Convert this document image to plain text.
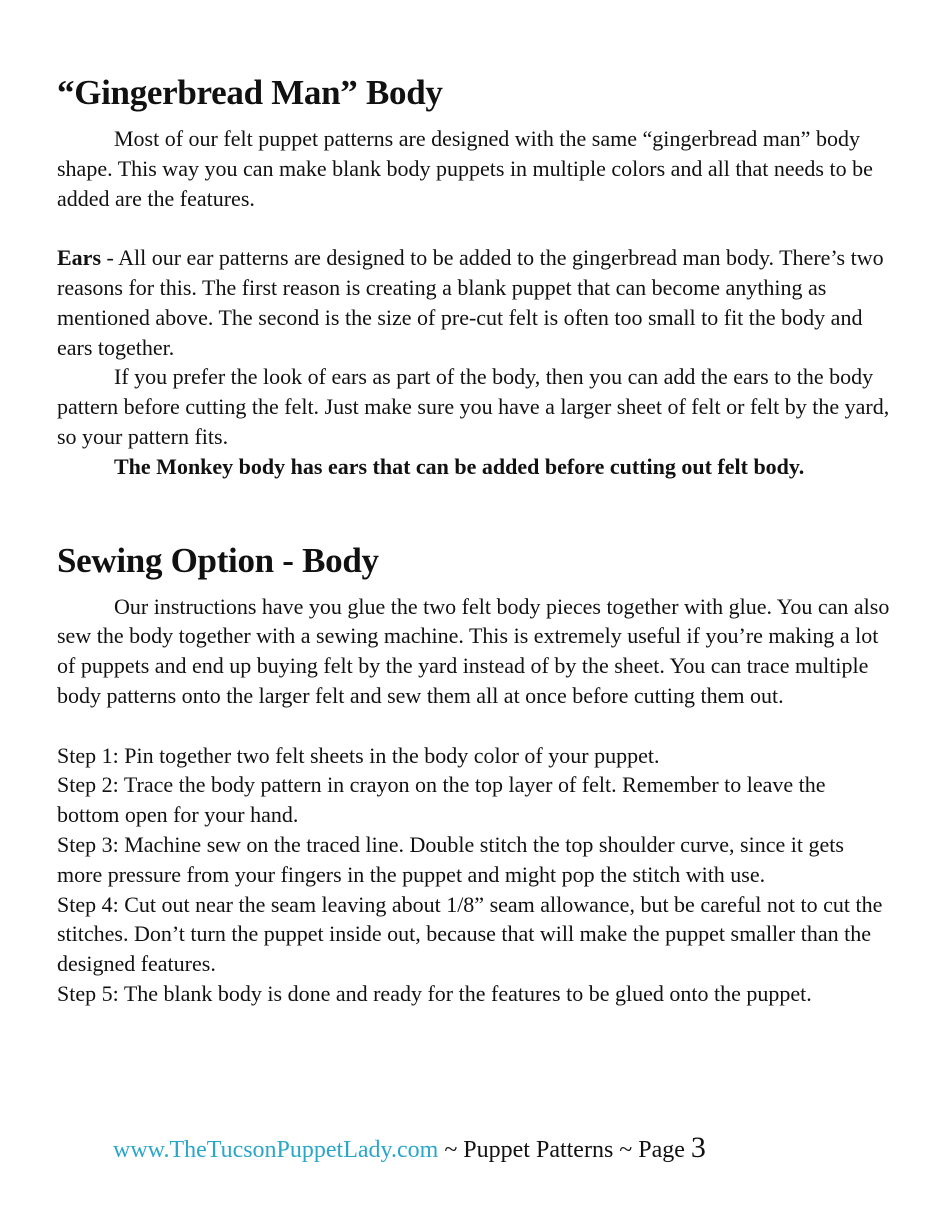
“Gingerbread Man” Body

Most of our felt puppet patterns are designed with the same “gingerbread man” body shape. This way you can make blank body puppets in multiple colors and all that needs to be added are the features.

Ears - All our ear patterns are designed to be added to the gingerbread man body. There’s two reasons for this. The first reason is creating a blank puppet that can become anything as mentioned above. The second is the size of pre-cut felt is often too small to fit the body and ears together.

If you prefer the look of ears as part of the body, then you can add the ears to the body pattern before cutting the felt. Just make sure you have a larger sheet of felt or felt by the yard, so your pattern fits.

The Monkey body has ears that can be added before cutting out felt body.

Sewing Option - Body

Our instructions have you glue the two felt body pieces together with glue. You can also sew the body together with a sewing machine. This is extremely useful if you’re making a lot of puppets and end up buying felt by the yard instead of by the sheet. You can trace multiple body patterns onto the larger felt and sew them all at once before cutting them out.

Step 1: Pin together two felt sheets in the body color of your puppet.

Step 2: Trace the body pattern in crayon on the top layer of felt. Remember to leave the bottom open for your hand.

Step 3: Machine sew on the traced line. Double stitch the top shoulder curve, since it gets more pressure from your fingers in the puppet and might pop the stitch with use.

Step 4: Cut out near the seam leaving about 1/8” seam allowance, but be careful not to cut the stitches. Don’t turn the puppet inside out, because that will make the puppet smaller than the designed features.

Step 5: The blank body is done and ready for the features to be glued onto the puppet.

www.TheTucsonPuppetLady.com ~ Puppet Patterns ~ Page 3
